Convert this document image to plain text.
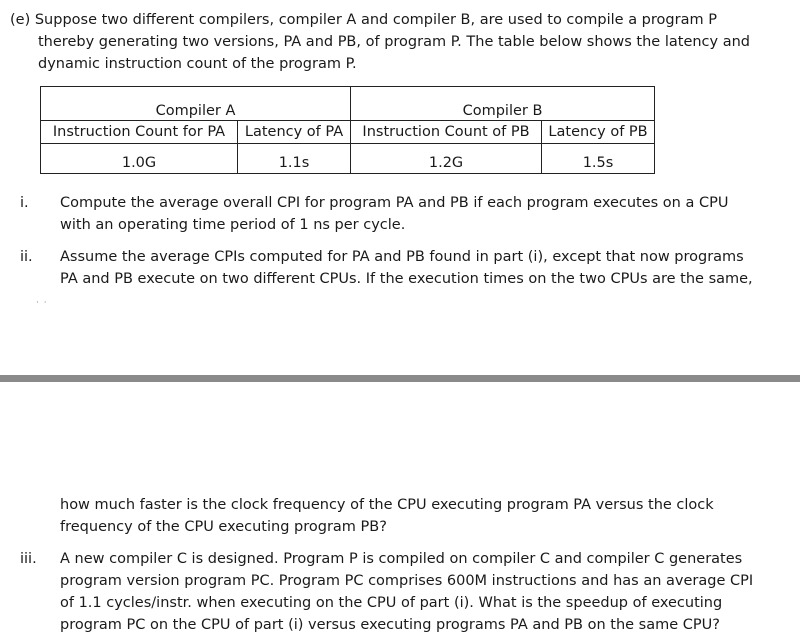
(e) Suppose two different compilers, compiler A and compiler B, are used to compile a program P
thereby generating two versions, PA and PB, of program P. The table below shows the latency and
dynamic instruction count of the program P.
Compiler A		Compiler B	
Instruction Count for PA	Latency of PA	Instruction Count of PB	Latency of PB
1.0G	1.1s	1.2G	1.5s
i.	Compute the average overall CPI for program PA and PB if each program executes on a CPU
with an operating time period of 1 ns per cycle.
ii.	Assume the average CPIs computed for PA and PB found in part (i), except that now programs
PA and PB execute on two different CPUs. If the execution times on the two CPUs are the same,
· ·
how much faster is the clock frequency of the CPU executing program PA versus the clock
frequency of the CPU executing program PB?
iii.	A new compiler C is designed. Program P is compiled on compiler C and compiler C generates
program version program PC. Program PC comprises 600M instructions and has an average CPI
of 1.1 cycles/instr. when executing on the CPU of part (i). What is the speedup of executing
program PC on the CPU of part (i) versus executing programs PA and PB on the same CPU?
